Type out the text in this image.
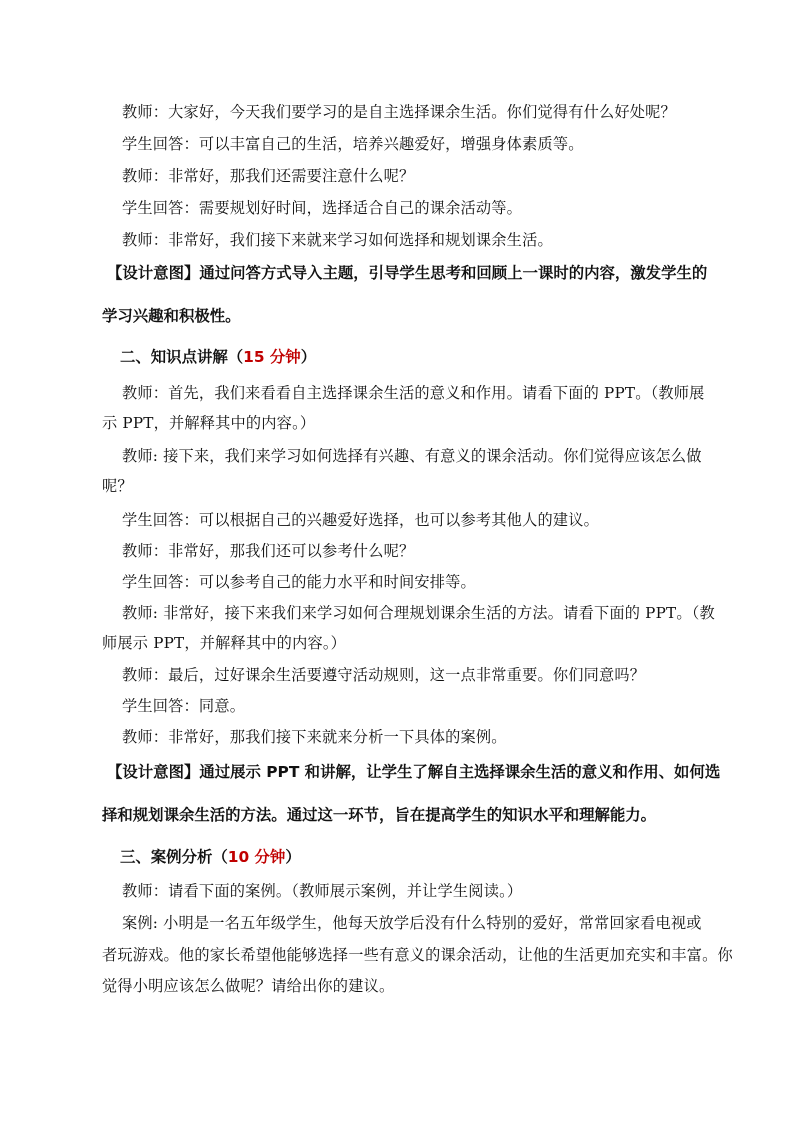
教师：大家好，今天我们要学习的是自主选择课余生活。你们觉得有什么好处呢？
学生回答：可以丰富自己的生活，培养兴趣爱好，增强身体素质等。
教师：非常好，那我们还需要注意什么呢？
学生回答：需要规划好时间，选择适合自己的课余活动等。
教师：非常好，我们接下来就来学习如何选择和规划课余生活。
【设计意图】通过问答方式导入主题，引导学生思考和回顾上一课时的内容，激发学生的
学习兴趣和积极性。
二、知识点讲解（15 分钟）
教师：首先，我们来看看自主选择课余生活的意义和作用。请看下面的 PPT。（教师展
示 PPT，并解释其中的内容。）
教师: 接下来，我们来学习如何选择有兴趣、有意义的课余活动。你们觉得应该怎么做
呢？
学生回答：可以根据自己的兴趣爱好选择，也可以参考其他人的建议。
教师：非常好，那我们还可以参考什么呢？
学生回答：可以参考自己的能力水平和时间安排等。
教师: 非常好，接下来我们来学习如何合理规划课余生活的方法。请看下面的 PPT。（教
师展示 PPT，并解释其中的内容。）
教师：最后，过好课余生活要遵守活动规则，这一点非常重要。你们同意吗？
学生回答：同意。
教师：非常好，那我们接下来就来分析一下具体的案例。
【设计意图】通过展示 PPT 和讲解，让学生了解自主选择课余生活的意义和作用、如何选
择和规划课余生活的方法。通过这一环节，旨在提高学生的知识水平和理解能力。
三、案例分析（10 分钟）
教师：请看下面的案例。（教师展示案例，并让学生阅读。）
案例: 小明是一名五年级学生，他每天放学后没有什么特别的爱好，常常回家看电视或
者玩游戏。他的家长希望他能够选择一些有意义的课余活动，让他的生活更加充实和丰富。你
觉得小明应该怎么做呢？请给出你的建议。
